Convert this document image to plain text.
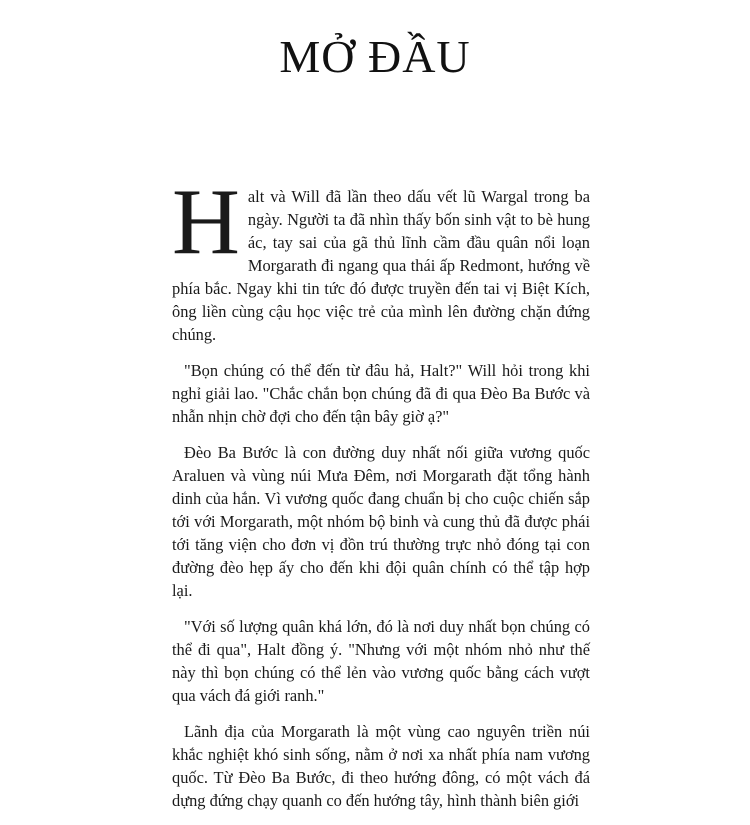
MỞ ĐẦU

Halt và Will đã lần theo dấu vết lũ Wargal trong ba ngày. Người ta đã nhìn thấy bốn sinh vật to bè hung ác, tay sai của gã thủ lĩnh cầm đầu quân nổi loạn Morgarath đi ngang qua thái ấp Redmont, hướng về phía bắc. Ngay khi tin tức đó được truyền đến tai vị Biệt Kích, ông liền cùng cậu học việc trẻ của mình lên đường chặn đứng chúng.

"Bọn chúng có thể đến từ đâu hả, Halt?" Will hỏi trong khi nghỉ giải lao. "Chắc chắn bọn chúng đã đi qua Đèo Ba Bước và nhẫn nhịn chờ đợi cho đến tận bây giờ ạ?"

Đèo Ba Bước là con đường duy nhất nối giữa vương quốc Araluen và vùng núi Mưa Đêm, nơi Morgarath đặt tổng hành dinh của hắn. Vì vương quốc đang chuẩn bị cho cuộc chiến sắp tới với Morgarath, một nhóm bộ binh và cung thủ đã được phái tới tăng viện cho đơn vị đồn trú thường trực nhỏ đóng tại con đường đèo hẹp ấy cho đến khi đội quân chính có thể tập hợp lại.

"Với số lượng quân khá lớn, đó là nơi duy nhất bọn chúng có thể đi qua", Halt đồng ý. "Nhưng với một nhóm nhỏ như thế này thì bọn chúng có thể lẻn vào vương quốc bằng cách vượt qua vách đá giới ranh."

Lãnh địa của Morgarath là một vùng cao nguyên triền núi khắc nghiệt khó sinh sống, nằm ở nơi xa nhất phía nam vương quốc. Từ Đèo Ba Bước, đi theo hướng đông, có một vách đá dựng đứng chạy quanh co đến hướng tây, hình thành biên giới
